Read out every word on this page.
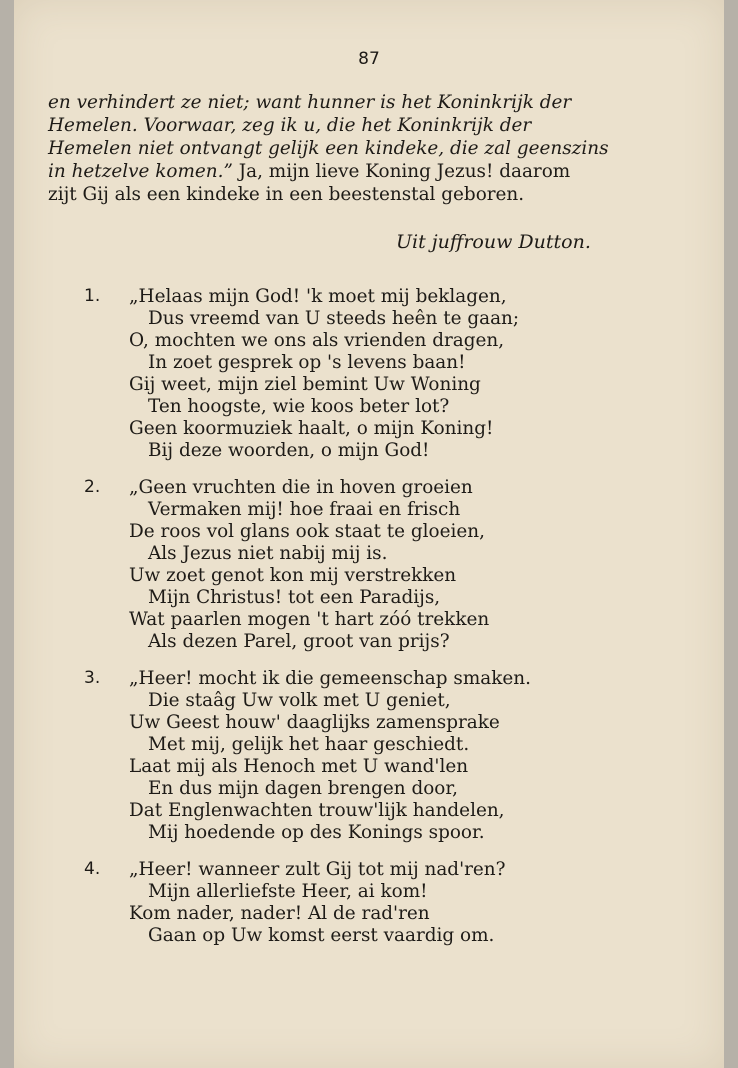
87
en verhindert ze niet; want hunner is het Koninkrijk der
Hemelen. Voorwaar, zeg ik u, die het Koninkrijk der
Hemelen niet ontvangt gelijk een kindeke, die zal geenszins
in hetzelve komen.” Ja, mijn lieve Koning Jezus! daarom
zijt Gij als een kindeke in een beestenstal geboren.
Uit juffrouw Dutton.
1. „Helaas mijn God! 'k moet mij beklagen,
Dus vreemd van U steeds heên te gaan;
O, mochten we ons als vrienden dragen,
In zoet gesprek op 's levens baan!
Gij weet, mijn ziel bemint Uw Woning
Ten hoogste, wie koos beter lot?
Geen koormuziek haalt, o mijn Koning!
Bij deze woorden, o mijn God!
2. „Geen vruchten die in hoven groeien
Vermaken mij! hoe fraai en frisch
De roos vol glans ook staat te gloeien,
Als Jezus niet nabij mij is.
Uw zoet genot kon mij verstrekken
Mijn Christus! tot een Paradijs,
Wat paarlen mogen 't hart zóó trekken
Als dezen Parel, groot van prijs?
3. „Heer! mocht ik die gemeenschap smaken.
Die staâg Uw volk met U geniet,
Uw Geest houw' daaglijks zamensprake
Met mij, gelijk het haar geschiedt.
Laat mij als Henoch met U wand'len
En dus mijn dagen brengen door,
Dat Englenwachten trouw'lijk handelen,
Mij hoedende op des Konings spoor.
4. „Heer! wanneer zult Gij tot mij nad'ren?
Mijn allerliefste Heer, ai kom!
Kom nader, nader! Al de rad'ren
Gaan op Uw komst eerst vaardig om.
